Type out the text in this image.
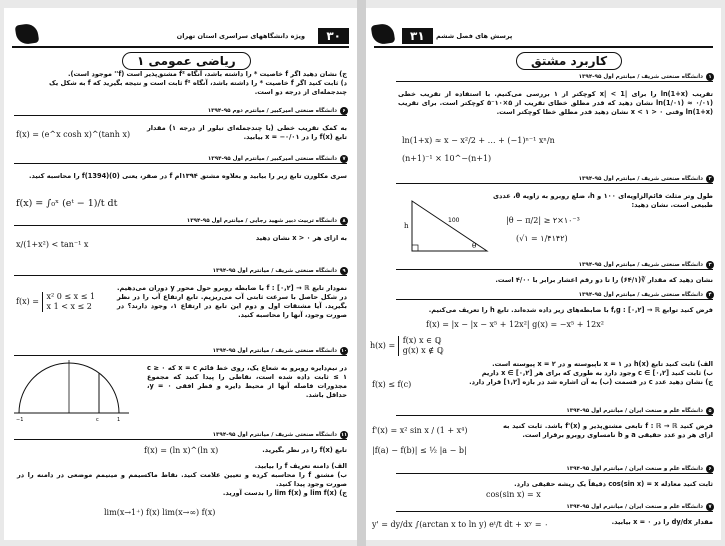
۳۰
ویژه دانشگاههای سراسری استان تهران
ریاضی عمومی ۱
ج) نشان دهید اگر f خاصیت * را داشته باشد، آنگاه f² مشتق‌پذیر است (f'' موجود است).
د) ثابت کنید اگر f خاصیت * را داشته باشد، آنگاه f² ثابت است و نتیجه بگیرید که f به شکل یک
چندجمله‌ای از درجه دو است.
۶
دانشگاه صنعتی امیرکبیر / میانترم دوم ۹۵-۱۳۹۴
به کمک تقریب خطی (یا چندجمله‌ای تیلور از درجه ۱) مقدار تابع f(x) را در x = −۰/۰۱ بیابید.
f(x) = (e^x cosh x)^(tanh x)
۷
دانشگاه صنعتی امیرکبیر / میانترم اول ۹۵-۱۳۹۴
سری مکلورن تابع زیر را بیابید و بعلاوه مشتق ۱۳۹۴ام f در صفر، یعنی f(1394)(0) را محاسبه کنید.
f(x) = ∫₀ˣ (eᵗ − 1)/t dt
۸
دانشگاه تربیت دبیر شهید رجایی / میانترم اول ۹۵-۱۳۹۴
به ازای هر x > ۰ نشان دهید
x/(1+x²) < tan⁻¹ x
۹
دانشگاه صنعتی شریف / میانترم اول ۹۵-۱۳۹۴
نمودار تابع f : [۰,۲] → ℝ با ضابطه روبرو حول محور y دوران می‌دهیم. در شکل حاصل با سرعت ثابتی آب می‌ریزیم. تابع ارتفاع آب را در نظر بگیرید. آیا مشتقات اول و دوم این تابع در ارتفاع ۱، وجود دارند؟ در صورت وجود، آنها را محاسبه کنید.
f(x) =
x² 0 ≤ x ≤ 1
x 1 < x ≤ 2
۱۰
دانشگاه صنعتی شریف / میانترم اول ۹۵-۱۳۹۴
در نیم‌دایره روبرو به شعاع یک، روی خط قائم x = c که ۰ ≤ c ≤ ۱ ثابت داده شده است، نقاطی را پیدا کنید که مجموع مجذورات فاصله آنها از محیط دایره و قطر افقی y = ۰، حداقل باشد.
−1	c	1
۱۱
دانشگاه صنعتی شریف / میانترم اول ۹۵-۱۳۹۴
تابع f(x) را در نظر بگیرید.
f(x) = (ln x)^(ln x)
الف) دامنه تعریف f را بیابید.
ب) مشتق f را محاسبه کرده و تعیین علامت کنید. نقاط ماکسیمم و مینیمم موضعی در دامنه را در صورت وجود پیدا کنید.
ج) lim f(x) و lim f(x) را بدست آورید.
lim(x→1⁺) f(x) lim(x→∞) f(x)
۳۱	پرسش های فصل ششم
کاربرد مشتق
۱
دانشگاه صنعتی شریف / میانترم اول ۹۵-۱۳۹۴
تقریب ln(1+x) را برای |x| < 1 کوچکتر از ۱ بررسی می‌کنیم. با استفاده از تقریب خطی (ln(1/۰۱) ≈ ۰/۰۱ نشان دهید که قدر مطلق خطای تقریب از ۵×۱۰⁻۵ کوچکتر است. برای تقریب ln(1+x) وقتی ۰ < x < ۱ نشان دهید قدر مطلق خطا کوچکتر است.
ln(1+x) ≈ x − x²/2 + … + (−1)ⁿ⁻¹ xⁿ/n
(n+1)⁻¹ × 10^−(n+1)
۲
دانشگاه صنعتی شریف / میانترم اول ۹۵-۱۳۹۴
طول وتر مثلث قائم‌الزاویه‌ای ۱۰۰ و h، ضلع روبرو به زاویه θ، عددی طبیعی است. نشان دهید:
|θ − π/2| ≥ ۲×۱۰⁻³
(√۱ = ۱/۴۱۴۲)
h
100
θ
۳
دانشگاه صنعتی شریف / میانترم اول ۹۵-۱۳۹۴
نشان دهید که مقدار ∛(۶۴/۱) را تا دو رقم اعشار برابر با ۴/۰۰ است.
۴
دانشگاه صنعتی شریف / میانترم اول ۹۵-۱۳۹۴
فرض کنید توابع f,g : [۰,۲] → ℝ با ضابطه‌های زیر داده شده‌اند. تابع h را تعریف می‌کنیم.
f(x) = |x − |x − x⁵ + 12x²| g(x) = −x⁵ + 12x²
h(x) =
f(x) x ∈ ℚ
g(x) x ∉ ℚ
الف) ثابت کنید تابع h(x) در x = ۱ ناپیوسته و در x = ۲ پیوسته است.
ب) ثابت کنید c ∈ [۰,۲] وجود دارد به طوری که برای هر x ∈ [۰,۲] داریم
ج) نشان دهید عدد c در قسمت (ب) به آن اشاره شد در بازه [۱,۲] قرار دارد.
f(x) ≤ f(c)
۵
دانشگاه علم و صنعت ایران / میانترم اول ۹۵-۱۳۹۴
فرض کنید f : ℝ → ℝ تابعی مشتق‌پذیر و f'(x) باشد. ثابت کنید به ازای هر دو عدد حقیقی a و b نامساوی روبرو برقرار است.
f'(x) = x² sin x / (1 + x⁴)
|f(a) − f(b)| ≤ ½ |a − b|
۶
دانشگاه علم و صنعت ایران / میانترم اول ۹۵-۱۳۹۴
ثابت کنید معادله cos(sin x) = x دقیقاً یک ریشه حقیقی دارد.
cos(sin x) = x
۷
دانشگاه علم و صنعت ایران / میانترم اول ۹۵-۱۳۹۴
مقدار dy/dx را در x = ۰ بیابید.
y' = dy/dx ∫(arctan x to ln y) eᵗ/t dt + xʸ = ۰
